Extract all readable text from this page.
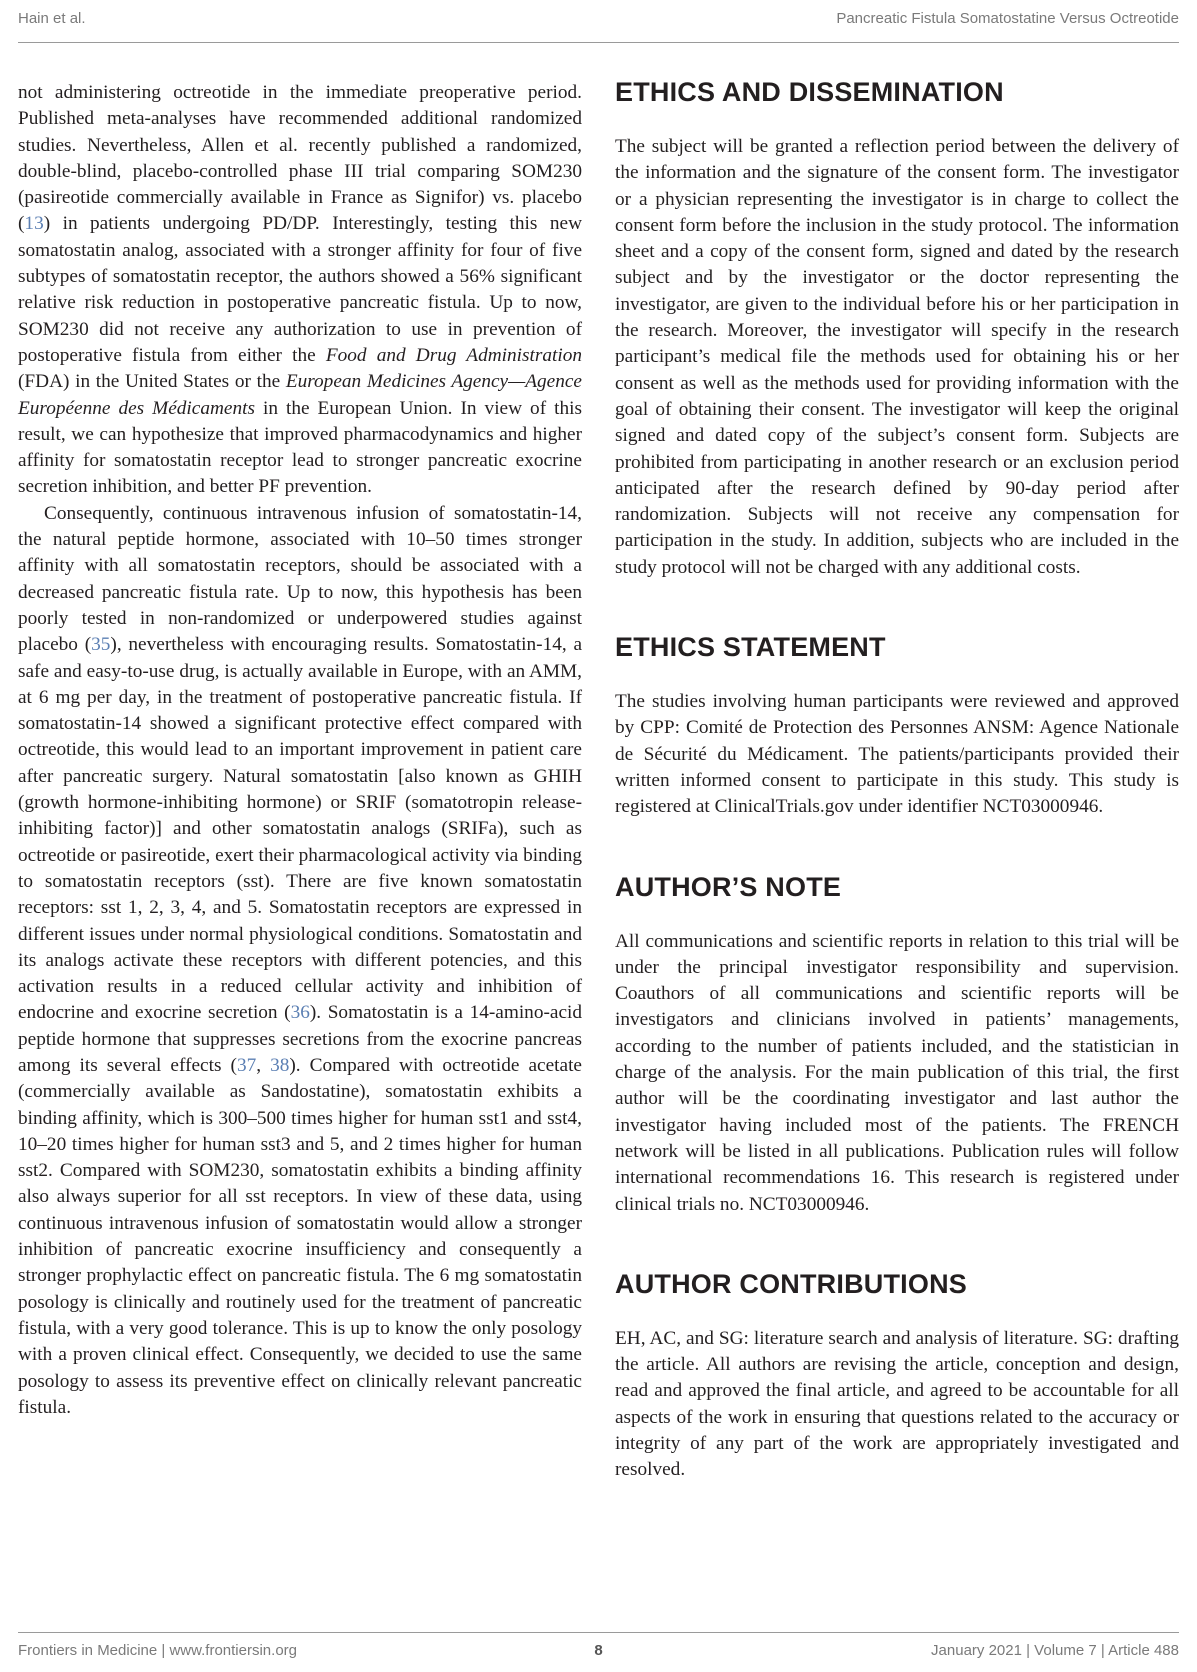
Hain et al.	Pancreatic Fistula Somatostatine Versus Octreotide

not administering octreotide in the immediate preoperative period. Published meta-analyses have recommended additional randomized studies. Nevertheless, Allen et al. recently published a randomized, double-blind, placebo-controlled phase III trial comparing SOM230 (pasireotide commercially available in France as Signifor) vs. placebo (13) in patients undergoing PD/DP. Interestingly, testing this new somatostatin analog, associated with a stronger affinity for four of five subtypes of somatostatin receptor, the authors showed a 56% significant relative risk reduction in postoperative pancreatic fistula. Up to now, SOM230 did not receive any authorization to use in prevention of postoperative fistula from either the Food and Drug Administration (FDA) in the United States or the European Medicines Agency—Agence Européenne des Médicaments in the European Union. In view of this result, we can hypothesize that improved pharmacodynamics and higher affinity for somatostatin receptor lead to stronger pancreatic exocrine secretion inhibition, and better PF prevention.

Consequently, continuous intravenous infusion of somatostatin-14, the natural peptide hormone, associated with 10–50 times stronger affinity with all somatostatin receptors, should be associated with a decreased pancreatic fistula rate. Up to now, this hypothesis has been poorly tested in non-randomized or underpowered studies against placebo (35), nevertheless with encouraging results. Somatostatin-14, a safe and easy-to-use drug, is actually available in Europe, with an AMM, at 6 mg per day, in the treatment of postoperative pancreatic fistula. If somatostatin-14 showed a significant protective effect compared with octreotide, this would lead to an important improvement in patient care after pancreatic surgery. Natural somatostatin [also known as GHIH (growth hormone-inhibiting hormone) or SRIF (somatotropin release-inhibiting factor)] and other somatostatin analogs (SRIFa), such as octreotide or pasireotide, exert their pharmacological activity via binding to somatostatin receptors (sst). There are five known somatostatin receptors: sst 1, 2, 3, 4, and 5. Somatostatin receptors are expressed in different issues under normal physiological conditions. Somatostatin and its analogs activate these receptors with different potencies, and this activation results in a reduced cellular activity and inhibition of endocrine and exocrine secretion (36). Somatostatin is a 14-amino-acid peptide hormone that suppresses secretions from the exocrine pancreas among its several effects (37, 38). Compared with octreotide acetate (commercially available as Sandostatine), somatostatin exhibits a binding affinity, which is 300–500 times higher for human sst1 and sst4, 10–20 times higher for human sst3 and 5, and 2 times higher for human sst2. Compared with SOM230, somatostatin exhibits a binding affinity also always superior for all sst receptors. In view of these data, using continuous intravenous infusion of somatostatin would allow a stronger inhibition of pancreatic exocrine insufficiency and consequently a stronger prophylactic effect on pancreatic fistula. The 6 mg somatostatin posology is clinically and routinely used for the treatment of pancreatic fistula, with a very good tolerance. This is up to know the only posology with a proven clinical effect. Consequently, we decided to use the same posology to assess its preventive effect on clinically relevant pancreatic fistula.

ETHICS AND DISSEMINATION

The subject will be granted a reflection period between the delivery of the information and the signature of the consent form. The investigator or a physician representing the investigator is in charge to collect the consent form before the inclusion in the study protocol. The information sheet and a copy of the consent form, signed and dated by the research subject and by the investigator or the doctor representing the investigator, are given to the individual before his or her participation in the research. Moreover, the investigator will specify in the research participant’s medical file the methods used for obtaining his or her consent as well as the methods used for providing information with the goal of obtaining their consent. The investigator will keep the original signed and dated copy of the subject’s consent form. Subjects are prohibited from participating in another research or an exclusion period anticipated after the research defined by 90-day period after randomization. Subjects will not receive any compensation for participation in the study. In addition, subjects who are included in the study protocol will not be charged with any additional costs.

ETHICS STATEMENT

The studies involving human participants were reviewed and approved by CPP: Comité de Protection des Personnes ANSM: Agence Nationale de Sécurité du Médicament. The patients/participants provided their written informed consent to participate in this study. This study is registered at ClinicalTrials.gov under identifier NCT03000946.

AUTHOR’S NOTE

All communications and scientific reports in relation to this trial will be under the principal investigator responsibility and supervision. Coauthors of all communications and scientific reports will be investigators and clinicians involved in patients’ managements, according to the number of patients included, and the statistician in charge of the analysis. For the main publication of this trial, the first author will be the coordinating investigator and last author the investigator having included most of the patients. The FRENCH network will be listed in all publications. Publication rules will follow international recommendations 16. This research is registered under clinical trials no. NCT03000946.

AUTHOR CONTRIBUTIONS

EH, AC, and SG: literature search and analysis of literature. SG: drafting the article. All authors are revising the article, conception and design, read and approved the final article, and agreed to be accountable for all aspects of the work in ensuring that questions related to the accuracy or integrity of any part of the work are appropriately investigated and resolved.

Frontiers in Medicine | www.frontiersin.org	8	January 2021 | Volume 7 | Article 488
